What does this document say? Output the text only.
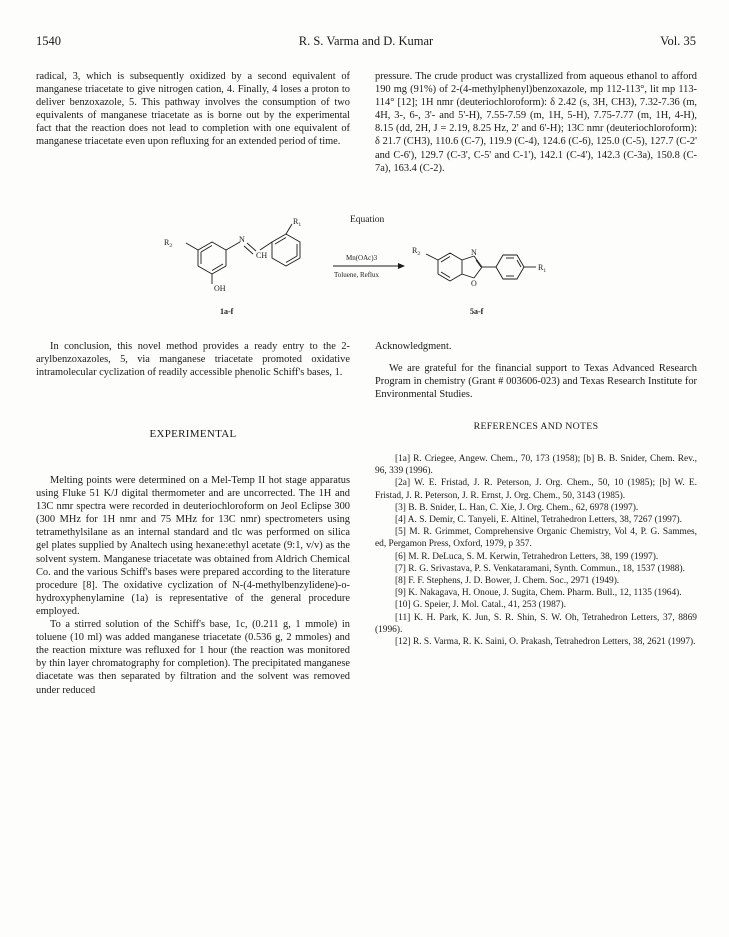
1540	R. S. Varma and D. Kumar	Vol. 35

radical, 3, which is subsequently oxidized by a second equivalent of manganese triacetate to give nitrogen cation, 4. Finally, 4 loses a proton to deliver benzoxazole, 5. This pathway involves the consumption of two equivalents of manganese triacetate as is borne out by the experimental fact that the reaction does not lead to completion with one equivalent of manganese triacetate even upon refluxing for an extended period of time.

pressure. The crude product was crystallized from aqueous ethanol to afford 190 mg (91%) of 2-(4-methylphenyl)benzoxazole, mp 112-113°, lit mp 113-114° [12]; 1H nmr (deuteriochloroform): δ 2.42 (s, 3H, CH3), 7.32-7.36 (m, 4H, 3-, 6-, 3'- and 5'-H), 7.55-7.59 (m, 1H, 5-H), 7.75-7.77 (m, 1H, 4-H), 8.15 (dd, 2H, J = 2.19, 8.25 Hz, 2' and 6'-H); 13C nmr (deuteriochloroform): δ 21.7 (CH3), 110.6 (C-7), 119.9 (C-4), 124.6 (C-6), 125.0 (C-5), 127.7 (C-2' and C-6'), 129.7 (C-3', C-5' and C-1'), 142.1 (C-4'), 142.3 (C-3a), 150.8 (C-7a), 163.4 (C-2).

Equation
$R_2$
N
CH
OH
$R_1$
1a-f
Mn(OAc)3
Toluene, Reflux
$R_2$	N
O
$R_1$
5a-f

In conclusion, this novel method provides a ready entry to the 2-arylbenzoxazoles, 5, via manganese triacetate promoted oxidative intramolecular cyclization of readily accessible phenolic Schiff's bases, 1.

EXPERIMENTAL

Melting points were determined on a Mel-Temp II hot stage apparatus using Fluke 51 K/J digital thermometer and are uncorrected. The 1H and 13C nmr spectra were recorded in deuteriochloroform on Jeol Eclipse 300 (300 MHz for 1H nmr and 75 MHz for 13C nmr) spectrometers using tetramethylsilane as an internal standard and tlc was performed on silica gel plates supplied by Analtech using hexane:ethyl acetate (9:1, v/v) as the solvent system. Manganese triacetate was obtained from Aldrich Chemical Co. and the various Schiff's bases were prepared according to the literature procedure [8]. The oxidative cyclization of N-(4-methylbenzylidene)-o-hydroxyphenylamine (1a) is representative of the general procedure employed.

To a stirred solution of the Schiff's base, 1c, (0.211 g, 1 mmole) in toluene (10 ml) was added manganese triacetate (0.536 g, 2 mmoles) and the reaction mixture was refluxed for 1 hour (the reaction was monitored by thin layer chromatography for completion). The precipitated manganese diacetate was then separated by filtration and the solvent was removed under reduced

Acknowledgment.

We are grateful for the financial support to Texas Advanced Research Program in chemistry (Grant # 003606-023) and Texas Research Institute for Environmental Studies.

REFERENCES AND NOTES

[1a] R. Criegee, Angew. Chem., 70, 173 (1958); [b] B. B. Snider, Chem. Rev., 96, 339 (1996).

[2a] W. E. Fristad, J. R. Peterson, J. Org. Chem., 50, 10 (1985); [b] W. E. Fristad, J. R. Peterson, J. R. Ernst, J. Org. Chem., 50, 3143 (1985).

[3] B. B. Snider, L. Han, C. Xie, J. Org. Chem., 62, 6978 (1997).

[4] A. S. Demir, C. Tanyeli, E. Altinel, Tetrahedron Letters, 38, 7267 (1997).

[5] M. R. Grimmet, Comprehensive Organic Chemistry, Vol 4, P. G. Sammes, ed, Pergamon Press, Oxford, 1979, p 357.

[6] M. R. DeLuca, S. M. Kerwin, Tetrahedron Letters, 38, 199 (1997).

[7] R. G. Srivastava, P. S. Venkataramani, Synth. Commun., 18, 1537 (1988).

[8] F. F. Stephens, J. D. Bower, J. Chem. Soc., 2971 (1949).

[9] K. Nakagava, H. Onoue, J. Sugita, Chem. Pharm. Bull., 12, 1135 (1964).

[10] G. Speier, J. Mol. Catal., 41, 253 (1987).

[11] K. H. Park, K. Jun, S. R. Shin, S. W. Oh, Tetrahedron Letters, 37, 8869 (1996).

[12] R. S. Varma, R. K. Saini, O. Prakash, Tetrahedron Letters, 38, 2621 (1997).
